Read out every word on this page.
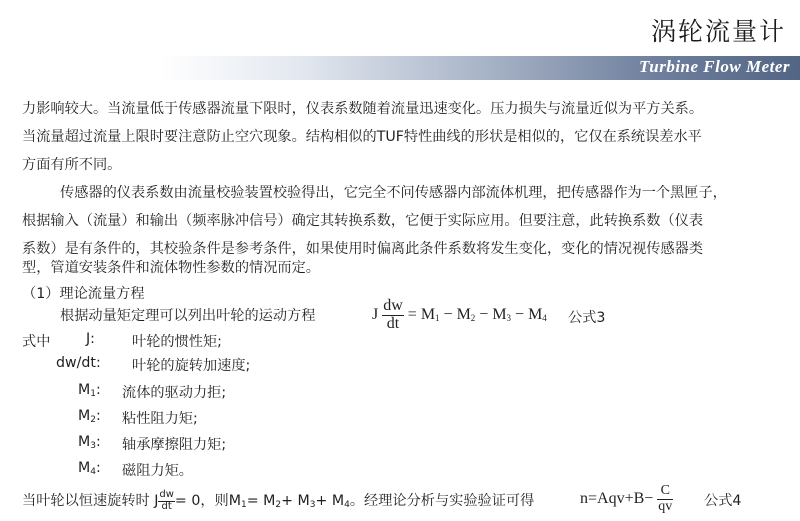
涡轮流量计
Turbine Flow Meter
力影响较大。当流量低于传感器流量下限时，仪表系数随着流量迅速变化。压力损失与流量近似为平方关系。
当流量超过流量上限时要注意防止空穴现象。结构相似的TUF特性曲线的形状是相似的，它仅在系统误差水平
方面有所不同。
传感器的仪表系数由流量校验装置校验得出，它完全不问传感器内部流体机理，把传感器作为一个黑匣子，
根据输入（流量）和输出（频率脉冲信号）确定其转换系数，它便于实际应用。但要注意，此转换系数（仪表
系数）是有条件的，其校验条件是参考条件，如果使用时偏离此条件系数将发生变化，变化的情况视传感器类
型，管道安装条件和流体物性参数的情况而定。
（1）理论流量方程
根据动量矩定理可以列出叶轮的运动方程	J $\frac{dw}{dt} = M_1 - M_2 - M_3 - M_4$ 公式3
式中	J:	叶轮的惯性矩;
dw/dt: 叶轮的旋转加速度;
$M_1$: 流体的驱动力拒;
$M_2$: 粘性阻力矩;
$M_3$: 轴承摩擦阻力矩;
$M_4$: 磁阻力矩。
当叶轮以恒速旋转时 J $\frac{dw}{dt} = 0$，则$M_1= M_2+ M_3+ M_4$。经理论分析与实验验证可得	$n=Aqv+B- \frac{C}{qv}$ 公式4
